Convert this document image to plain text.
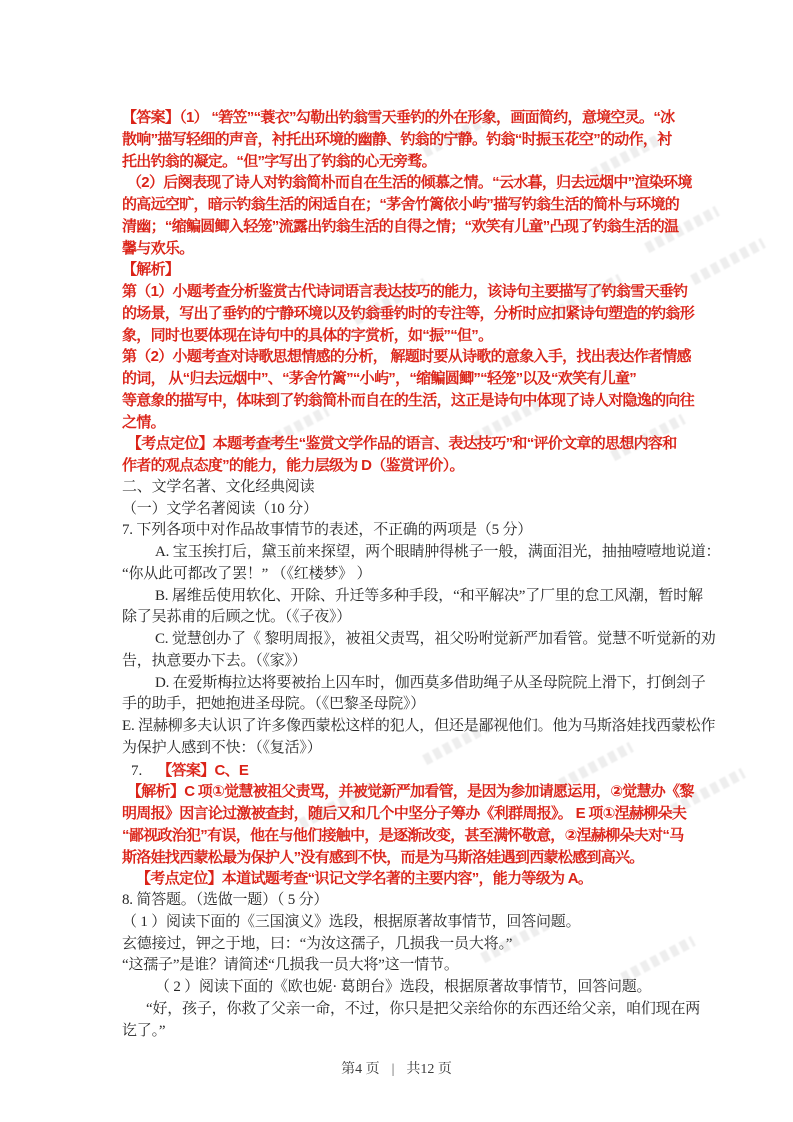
【答案】（1） “箬笠”“蓑衣”勾勒出钓翁雪天垂钓的外在形象，画面简约，意境空灵。“冰
散响”描写轻细的声音，衬托出环境的幽静、钓翁的宁静。钓翁“时振玉花空”的动作，衬
托出钓翁的凝定。“但”字写出了钓翁的心无旁骛。
（2）后阕表现了诗人对钓翁简朴而自在生活的倾慕之情。“云水暮，归去远烟中”渲染环境
的高远空旷，暗示钓翁生活的闲适自在；“茅舍竹篱依小屿”描写钓翁生活的简朴与环境的
清幽；“缩鳊圆鲫入轻笼”流露出钓翁生活的自得之情；“欢笑有儿童”凸现了钓翁生活的温
馨与欢乐。
【解析】
第（1）小题考查分析鉴赏古代诗词语言表达技巧的能力，该诗句主要描写了钓翁雪天垂钓
的场景，写出了垂钓的宁静环境以及钓翁垂钓时的专注等，分析时应扣紧诗句塑造的钓翁形
象，同时也要体现在诗句中的具体的字赏析，如“振”“但”。
第（2）小题考查对诗歌思想情感的分析， 解题时要从诗歌的意象入手，找出表达作者情感
的词， 从“归去远烟中”、“茅舍竹篱”“小屿”，“缩鳊圆鲫”“轻笼”以及“欢笑有儿童”
等意象的描写中，体味到了钓翁简朴而自在的生活，这正是诗句中体现了诗人对隐逸的向往
之情。
【考点定位】本题考查考生“鉴赏文学作品的语言、表达技巧”和“评价文章的思想内容和
作者的观点态度”的能力，能力层级为 D（鉴赏评价）。
二、文学名著、文化经典阅读
（一）文学名著阅读（10 分）
7. 下列各项中对作品故事情节的表述，不正确的两项是（5 分）
A. 宝玉挨打后，黛玉前来探望，两个眼睛肿得桃子一般，满面泪光，抽抽噎噎地说道：
“你从此可都改了罢！” （《红楼梦》 ）
B. 屠维岳使用软化、开除、升迁等多种手段，“和平解决”了厂里的怠工风潮，暂时解
除了吴荪甫的后顾之忧。（《子夜》）
C. 觉慧创办了《 黎明周报》，被祖父责骂，祖父吩咐觉新严加看管。觉慧不听觉新的劝
告，执意要办下去。（《家》）
D. 在爱斯梅拉达将要被抬上囚车时，伽西莫多借助绳子从圣母院院上滑下，打倒刽子
手的助手，把她抱进圣母院。（《巴黎圣母院》）
E. 涅赫柳多夫认识了许多像西蒙松这样的犯人，但还是鄙视他们。他为马斯洛娃找西蒙松作
为保护人感到不快：（《复活》）
7. 【答案】C、E
【解析】C 项①觉慧被祖父责骂，并被觉新严加看管，是因为参加请愿运用，②觉慧办《黎
明周报》因言论过激被查封，随后又和几个中坚分子筹办《利群周报》。 E 项①涅赫柳朵夫
“鄙视政治犯”有误，他在与他们接触中，是逐渐改变，甚至满怀敬意，②涅赫柳朵夫对“马
斯洛娃找西蒙松最为保护人”没有感到不快，而是为马斯洛娃遇到西蒙松感到高兴。
【考点定位】本道试题考查“识记文学名著的主要内容”，能力等级为 A。
8. 简答题。（选做一题）（ 5 分）
（ 1 ）阅读下面的《三国演义》选段，根据原著故事情节，回答问题。
玄德接过，钾之于地，曰：“为汝这孺子，几损我一员大将。”
“这孺子”是谁？请简述“几损我一员大将”这一情节。
（ 2 ）阅读下面的《欧也妮· 葛朗台》选段，根据原著故事情节，回答问题。
“好，孩子，你救了父亲一命，不过，你只是把父亲给你的东西还给父亲，咱们现在两
讫了。”
第4 页 | 共12 页
